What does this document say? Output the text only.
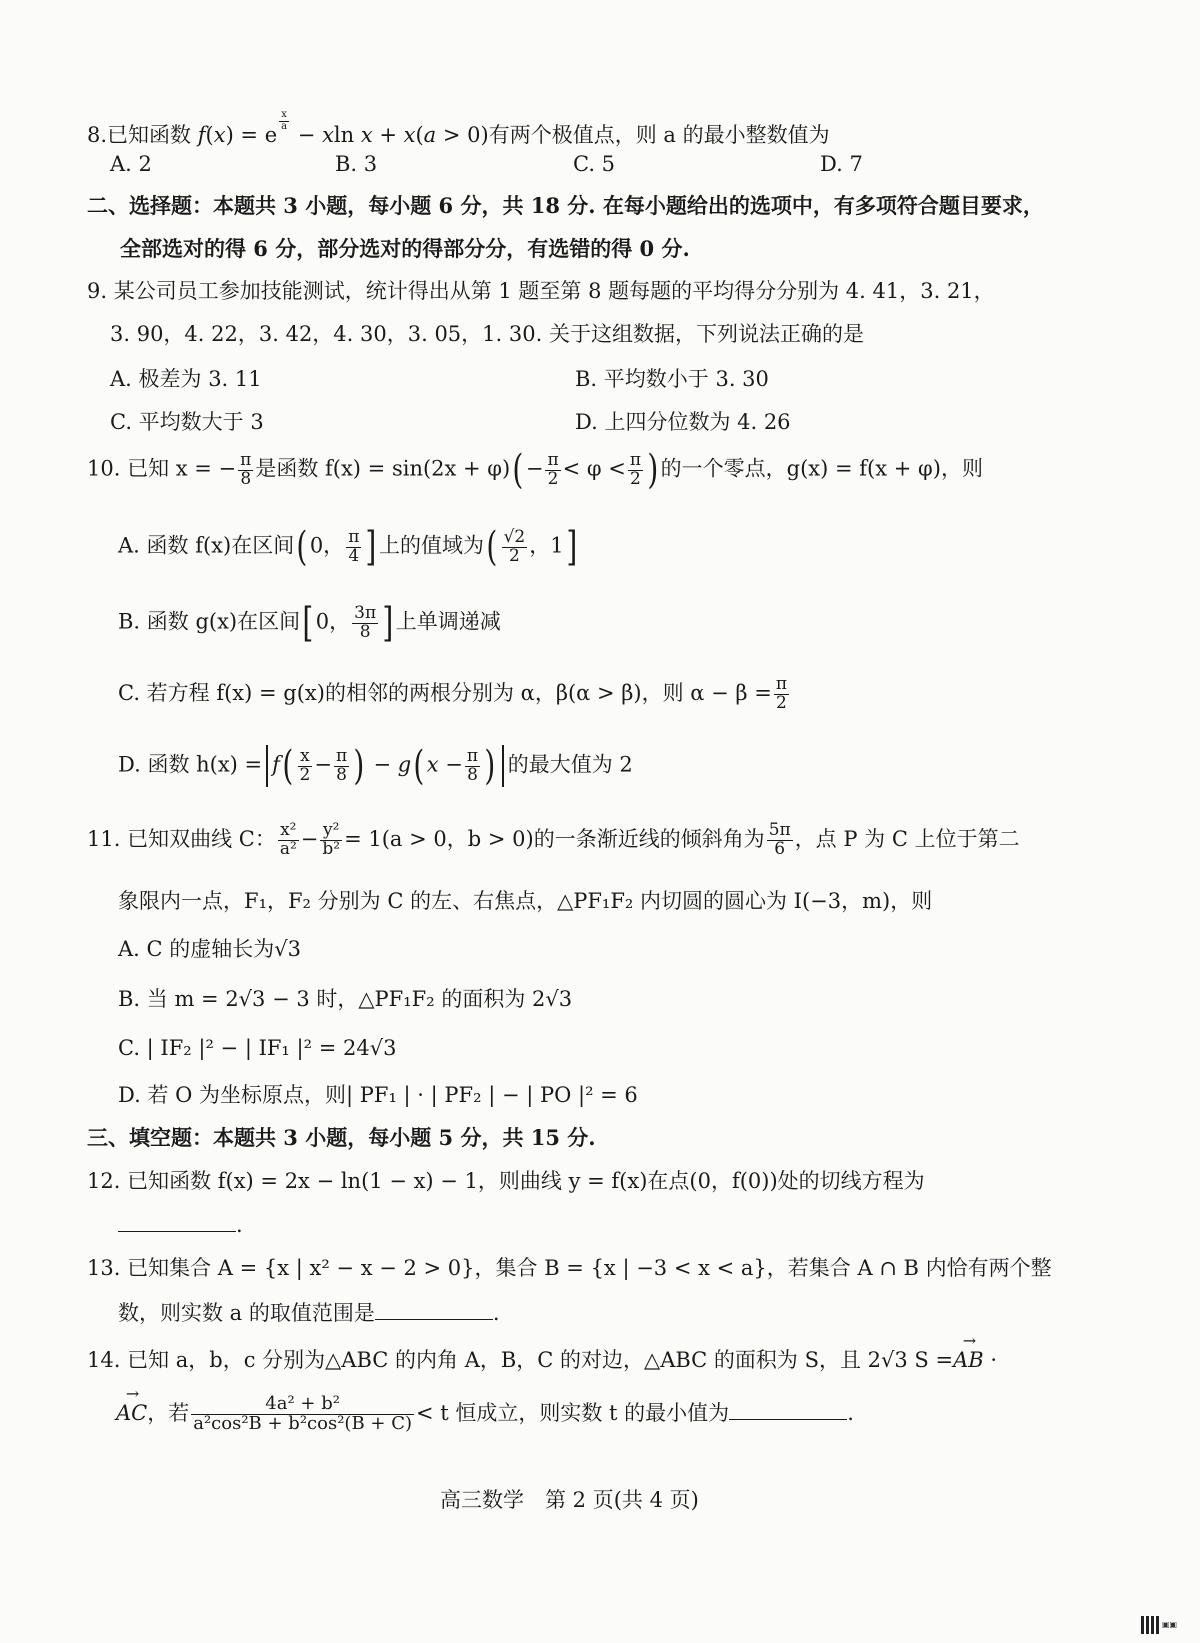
8.已知函数 f(x) = e
$^{\frac{x}{a}}$
− xln x + x(a > 0)有两个极值点，则 a 的最小整数值为
A. 2	B. 3	C. 5	D. 7
二、选择题：本题共 3 小题，每小题 6 分，共 18 分. 在每小题给出的选项中，有多项符合题目要求，
全部选对的得 6 分，部分选对的得部分分，有选错的得 0 分.
9. 某公司员工参加技能测试，统计得出从第 1 题至第 8 题每题的平均得分分别为 4. 41，3. 21，
3. 90，4. 22，3. 42，4. 30，3. 05，1. 30. 关于这组数据，下列说法正确的是
A. 极差为 3. 11	B. 平均数小于 3. 30
C. 平均数大于 3	D. 上四分位数为 4. 26
10. 已知 x = − $\frac{\pi}{8}$ 是函数 $f(x) = \sin(2x + \varphi)( - \frac{\pi}{2} < \varphi < \frac{\pi}{2}$ ) 的一个零点，g(x) = f(x + φ)，则
A. 函数 f(x)在区间( 0， $\frac{\pi}{4}$ ] 上的值域为( $\frac{√2}{2}$ ，1]
B. 函数 g(x)在区间[ 0， $\frac{3\pi}{8}$ ] 上单调递减
C. 若方程 f(x) = g(x)的相邻的两根分别为 α，β(α > β)，则 $\alpha - \beta = \frac{\pi}{2}$
D. 函数 $h(x) = f( \frac{x}{2} - \frac{\pi}{8}$ ) − g( $x - \frac{\pi}{8}$ ) 的最大值为 2
11. 已知双曲线 C： $\frac{\text{x²}}{\text{a²}} - \frac{\text{y²}}{\text{b²}} = 1(a > 0$，b > 0)的一条渐近线的倾斜角为 $\frac{5\pi}{6}$ ，点 P 为 C 上位于第二
象限内一点，F₁，F₂ 分别为 C 的左、右焦点，△PF₁F₂ 内切圆的圆心为 I(−3，m)，则
A. C 的虚轴长为√3
B. 当 m = 2√3 − 3 时，△PF₁F₂ 的面积为 2√3
C. | IF₂ |² − | IF₁ |² = 24√3
D. 若 O 为坐标原点，则| PF₁ | · | PF₂ | − | PO |² = 6
三、填空题：本题共 3 小题，每小题 5 分，共 15 分.
12. 已知函数 f(x) = 2x − ln(1 − x) − 1，则曲线 y = f(x)在点(0，f(0))处的切线方程为
.
13. 已知集合 A = {x | x² − x − 2 > 0}，集合 B = {x | −3 < x < a}，若集合 A ∩ B 内恰有两个整
数，则实数 a 的取值范围是	.
14. 已知 a，b，c 分别为△ABC 的内角 A，B，C 的对边，△ABC 的面积为 S，且 2√3 S =→ AB ·
→ AC，若 $\frac{\text{4a² + b²}}{\text{a²cos²B + b²cos²(B + C)}} < t$ 恒成立，则实数 t 的最小值为	.
高三数学　第 2 页(共 4 页)
▣▣
